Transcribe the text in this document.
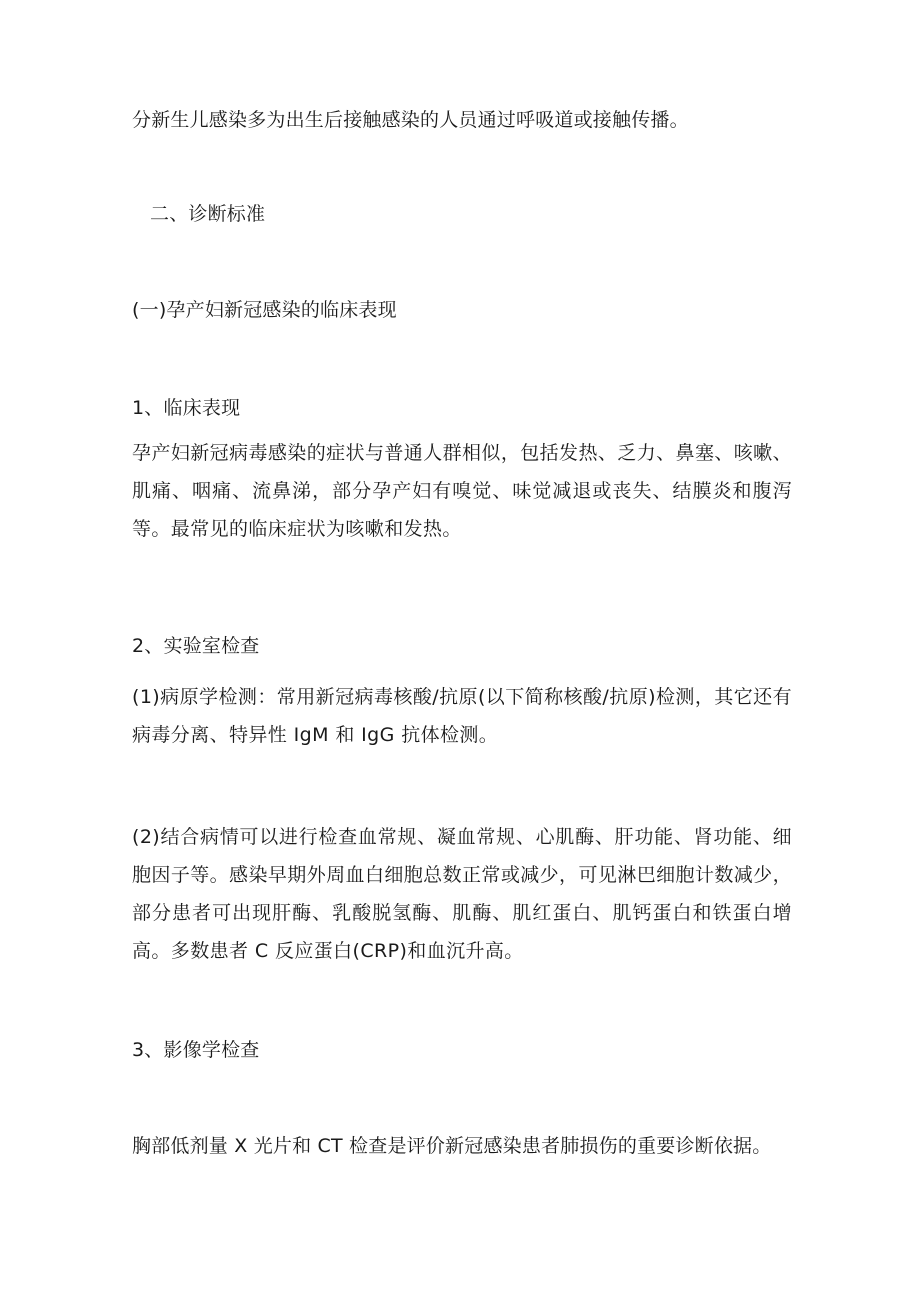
分新生儿感染多为出生后接触感染的人员通过呼吸道或接触传播。
二、诊断标准
(一)孕产妇新冠感染的临床表现
1、临床表现
孕产妇新冠病毒感染的症状与普通人群相似，包括发热、乏力、鼻塞、咳嗽、肌痛、咽痛、流鼻涕，部分孕产妇有嗅觉、味觉减退或丧失、结膜炎和腹泻等。最常见的临床症状为咳嗽和发热。
2、实验室检查
(1)病原学检测：常用新冠病毒核酸/抗原(以下简称核酸/抗原)检测，其它还有病毒分离、特异性 IgM 和 IgG 抗体检测。
(2)结合病情可以进行检查血常规、凝血常规、心肌酶、肝功能、肾功能、细胞因子等。感染早期外周血白细胞总数正常或减少，可见淋巴细胞计数减少，部分患者可出现肝酶、乳酸脱氢酶、肌酶、肌红蛋白、肌钙蛋白和铁蛋白增高。多数患者 C 反应蛋白(CRP)和血沉升高。
3、影像学检查
胸部低剂量 X 光片和 CT 检查是评价新冠感染患者肺损伤的重要诊断依据。
